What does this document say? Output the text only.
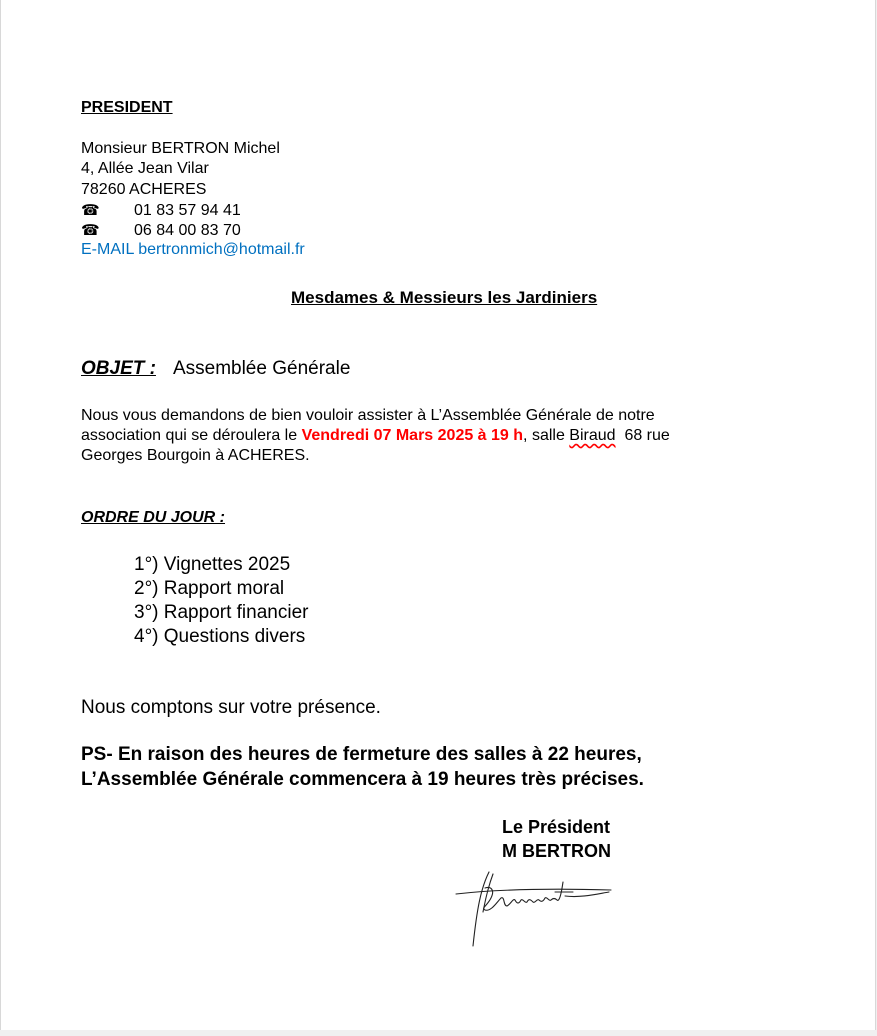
PRESIDENT
Monsieur BERTRON Michel
4, Allée Jean Vilar
78260 ACHERES
☎ 01 83 57 94 41
☎ 06 84 00 83 70
E-MAIL bertronmich@hotmail.fr
Mesdames & Messieurs les Jardiniers
OBJET : Assemblée Générale
Nous vous demandons de bien vouloir assister à L’Assemblée Générale de notre
association qui se déroulera le Vendredi 07 Mars 2025 à 19 h, salle Biraud  68 rue
Georges Bourgoin à ACHERES.
ORDRE DU JOUR :
1°) Vignettes 2025
2°) Rapport moral
3°) Rapport financier
4°) Questions divers
Nous comptons sur votre présence.
PS- En raison des heures de fermeture des salles à 22 heures,
L’Assemblée Générale commencera à 19 heures très précises.
Le Président
M BERTRON
